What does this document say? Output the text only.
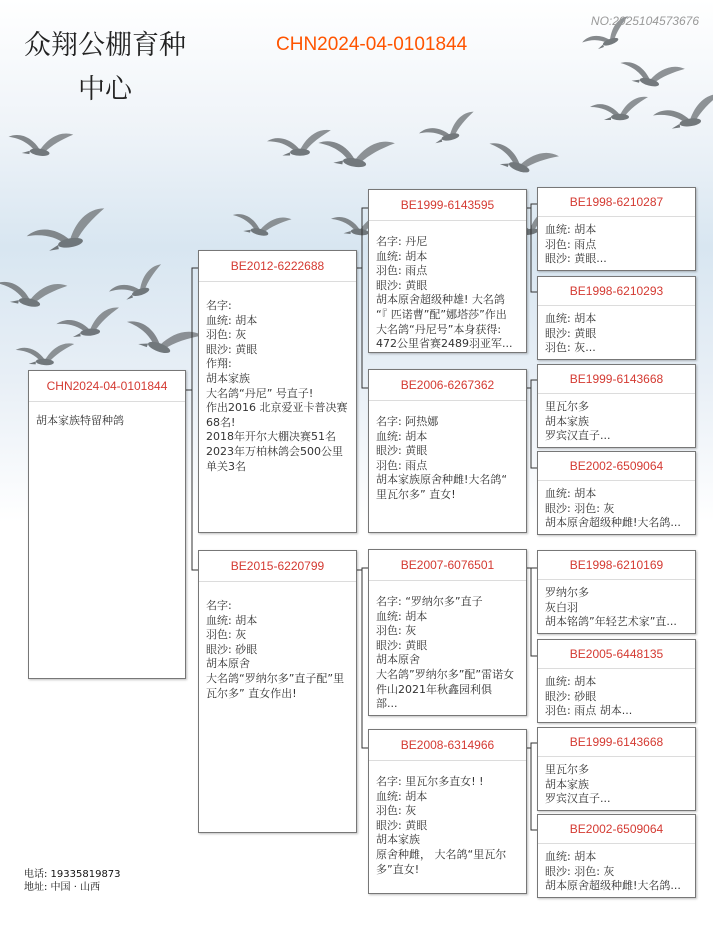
众翔公棚育种
中心
CHN2024-04-0101844
NO:2025104573676
CHN2024-04-0101844
胡本家族特留种鸽
BE2012-6222688
名字:
血统: 胡本
羽色: 灰
眼沙: 黄眼
作翔:
胡本家族
大名鸽“丹尼” 号直子!
作出2016 北京爱亚卡普决赛68名!
2018年开尔大棚决赛51名
2023年万柏林鸽会500公里单关3名
BE2015-6220799
名字:
血统: 胡本
羽色: 灰
眼沙: 砂眼
胡本原舍
大名鸽“罗纳尔多”直子配”里瓦尔多” 直女作出!
BE1999-6143595
名字: 丹尼
血统: 胡本
羽色: 雨点
眼沙: 黄眼
胡本原舍超级种雄! 大名鸽 “『 匹诺曹”配”娜塔莎”作出
大名鸽“丹尼号”本身获得:
472公里省赛2489羽亚军...
BE2006-6267362
名字: 阿热娜
血统: 胡本
眼沙: 黄眼
羽色: 雨点
胡本家族原舍种雌!大名鸽“
里瓦尔多” 直女!
BE2007-6076501
名字: “罗纳尔多”直子
血统: 胡本
羽色: 灰
眼沙: 黄眼
胡本原舍
大名鸽”罗纳尔多”配”雷诺女件山2021年秋鑫园利俱
部...
BE2008-6314966
名字: 里瓦尔多直女! !
血统: 胡本
羽色: 灰
眼沙: 黄眼
胡本家族
原舍种雌， 大名鸽“里瓦尔多”直女!
BE1998-6210287
血统: 胡本
羽色: 雨点
眼沙: 黄眼...
BE1998-6210293
血统: 胡本
眼沙: 黄眼
羽色: 灰...
BE1999-6143668
里瓦尔多
胡本家族
罗宾汉直子...
BE2002-6509064
血统: 胡本
眼沙: 羽色: 灰
胡本原舍超级种雌!大名鸽...
BE1998-6210169
罗纳尔多
灰白羽
胡本铭鸽”年轻艺术家”直...
BE2005-6448135
血统: 胡本
眼沙: 砂眼
羽色: 雨点 胡本...
BE1999-6143668
里瓦尔多
胡本家族
罗宾汉直子...
BE2002-6509064
血统: 胡本
眼沙: 羽色: 灰
胡本原舍超级种雌!大名鸽...
电话: 19335819873
地址: 中国 · 山西
